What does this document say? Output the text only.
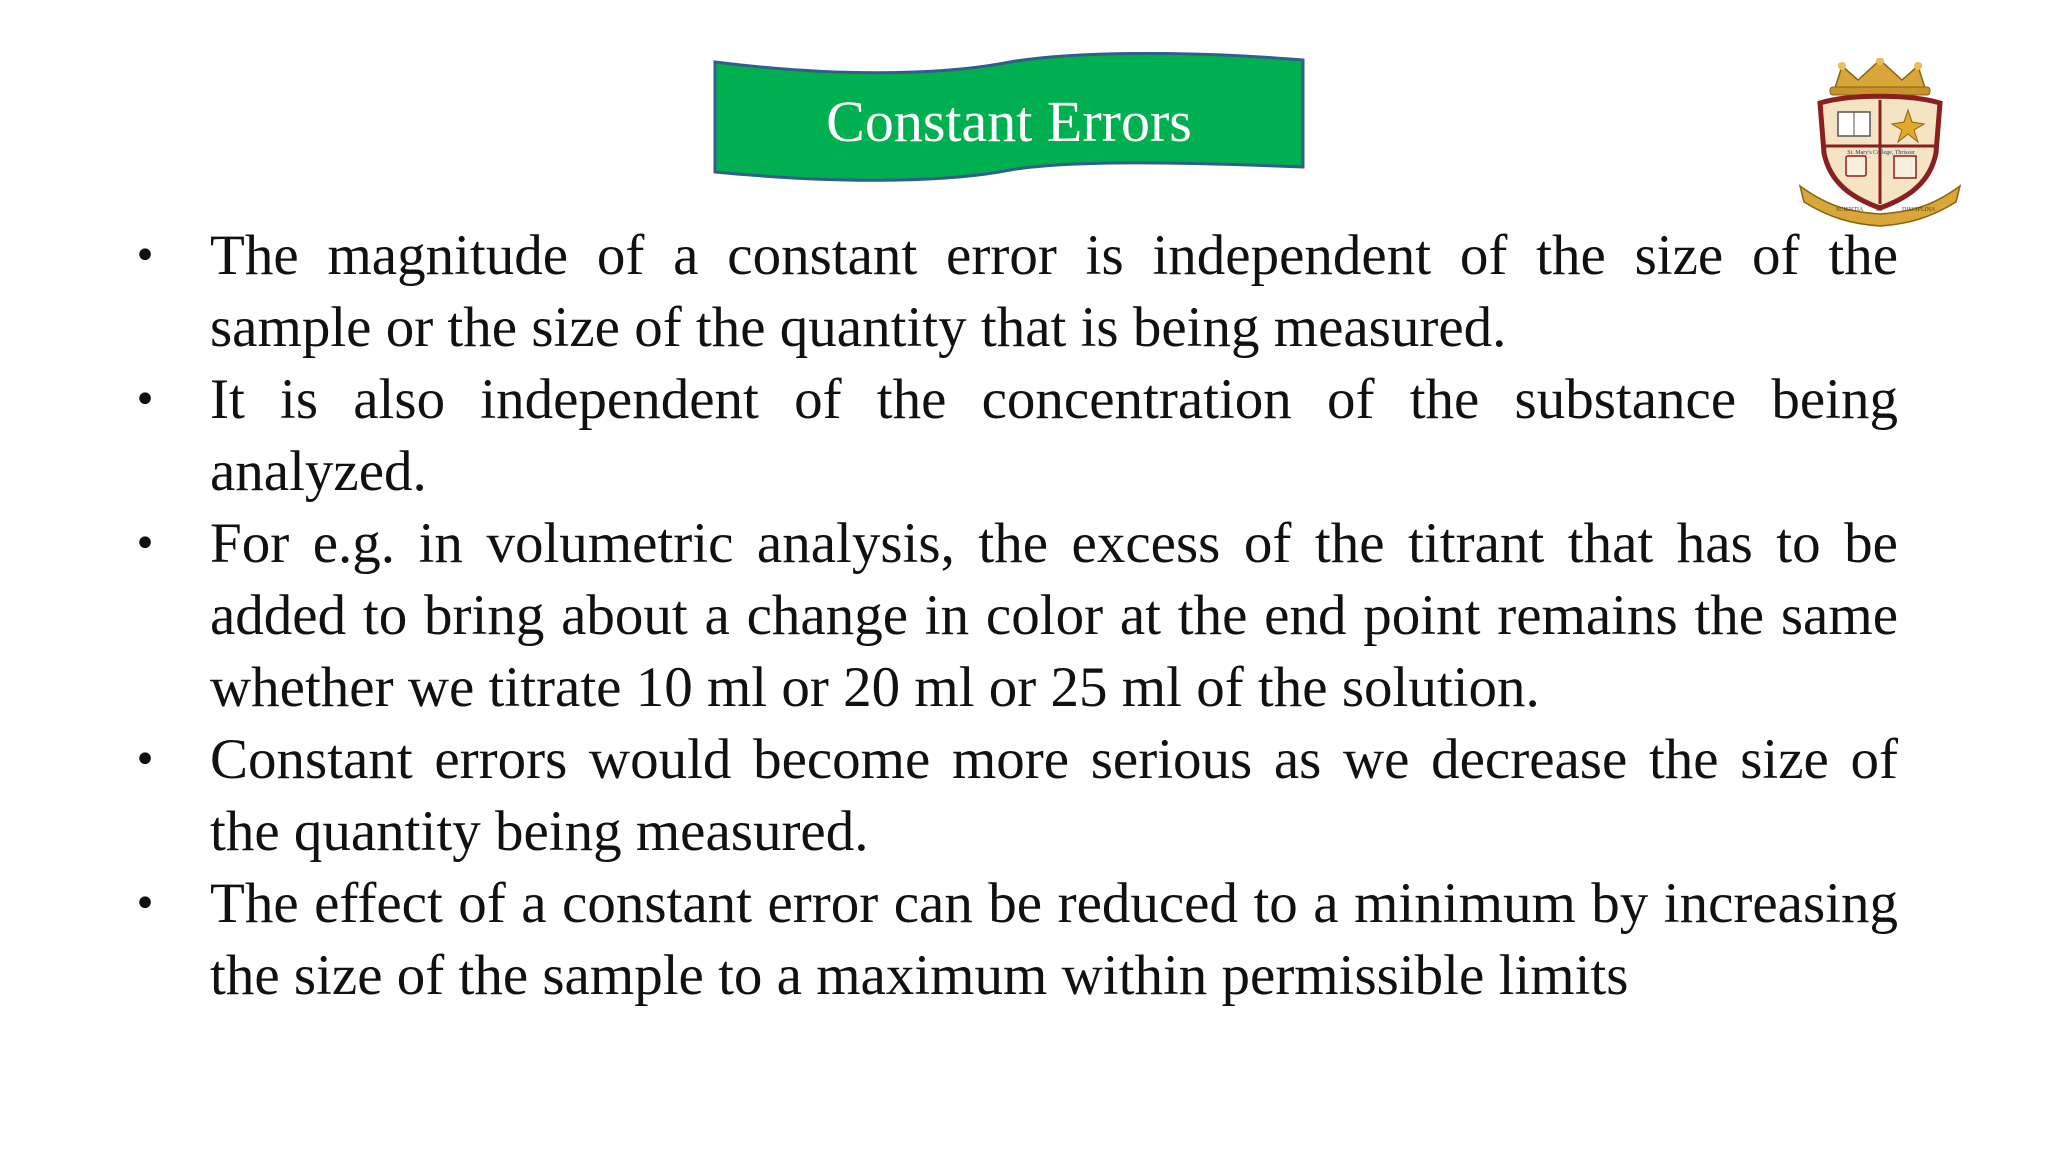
Constant Errors	St. Mary's College, Thrissur
SCIENTIA ET	DISCIPLINA
• The magnitude of a constant error is independent of the size of the sample or the size of the quantity that is being measured.
• It is also independent of the concentration of the substance being analyzed.
• For e.g. in volumetric analysis, the excess of the titrant that has to be added to bring about a change in color at the end point remains the same whether we titrate 10 ml or 20 ml or 25 ml of the solution.
• Constant errors would become more serious as we decrease the size of the quantity being measured.
• The effect of a constant error can be reduced to a minimum by increasing the size of the sample to a maximum within permissible limits
